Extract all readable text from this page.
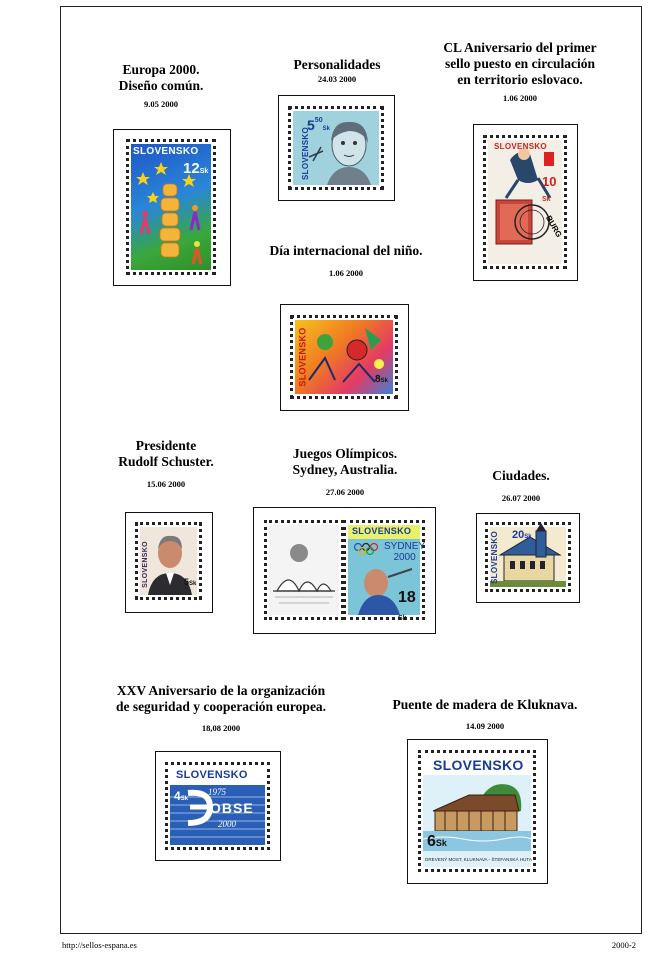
Europa 2000.
Diseño común.
9.05 2000
Personalidades
24.03 2000
CL Aniversario del primer
sello puesto en circulación
en territorio eslovaco.
1.06 2000
Día internacional del niño.
1.06 2000
Presidente
Rudolf Schuster.
15.06 2000
Juegos Olímpicos.
Sydney, Australia.
27.06 2000
Ciudades.
26.07 2000
XXV Aniversario de la organización
de seguridad y cooperación europea.
18,08 2000
Puente de madera de Kluknava.
14.09 2000
SLOVENSKO
12Sk	SLOVENSKO
$5^{50}Sk$
SLOVENSKO
10
Sk
BURG
SLOVENSKO	8Sk
SLOVENSKO	5Sk
SLOVENSKO
SYDNEY
2000
18
Sk
SLOVENSKO 20Sk
SLOVENSKO
4Sk
1975
OBSE
2000
SLOVENSKO
6Sk
DREVENÝ MOST, KLUKNAVA - ŠTEFANSKÁ HUTA
http://sellos-espana.es	2000-2
